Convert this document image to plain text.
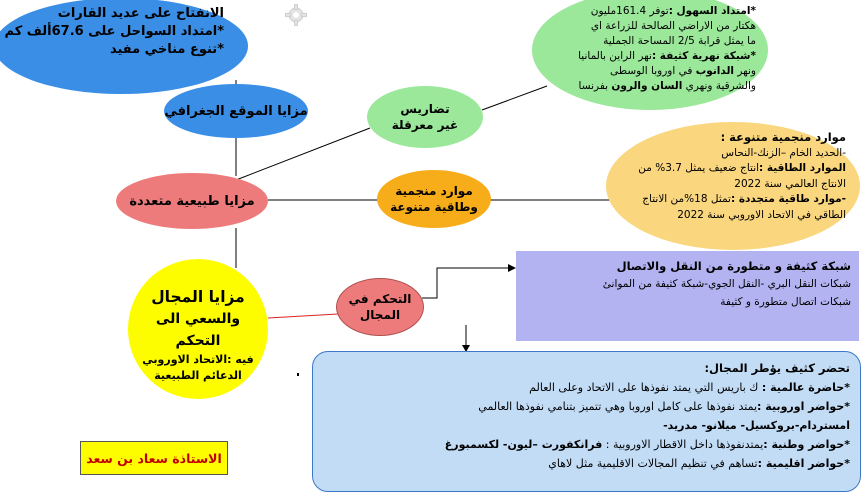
الانفتاح على عديد القارات
*امتداد السواحل على 67.6ألف كم
*تنوع مناخي مفيد
مزايا الموقع الجغرافي	تضاريس
غير معرقلة
*امتداد السهول :توفر 161.4مليون
هكتار من الاراضي الصالحة للزراعة اي
ما يمثل قرابة 2/5 المساحة الجملية
*شبكة نهرية كثيفة :نهر الراين بالمانيا
ونهر الدانوب في اوروبا الوسطى
والشرقية ونهري السان والرون بفرنسا
مزايا طبيعية متعددة
موارد منجمية
وطاقية متنوعة
موارد منجمية متنوعة :
-الحديد الخام –الزنك-النحاس
الموارد الطاقية :انتاج ضعيف يمثل 3.7% من
الانتاج العالمي سنة 2022
-موارد طاقية متجددة :تمثل 18%من الانتاج
الطاقي في الاتحاد الاوروبي سنة 2022
مزايا المجال
والسعي الى التحكم
فيه :الاتحاد الاوروبي
الدعائم الطبيعية
التحكم في
المجال
شبكة كثيفة و متطورة من النقل والاتصال
شبكات النقل البري -النقل الجوي-شبكة كثيفة من الموانئ
شبكات اتصال متطورة و كثيفة
تحضر كثيف يؤطر المجال:
*حاضرة عالمية : ك باريس التي يمتد نفوذها على الاتحاد وعلى العالم
*حواضر اوروبية :يمتد نفوذها على كامل اوروبا وهي تتميز بتنامي نفوذها العالمي
امستردام-بروكسيل- ميلانو- مدريد-
*حواضر وطنية :يمتدنفوذها داخل الاقطار الاوروبية : فرانكفورت –ليون- لكسمبورغ
*حواضر اقليمية :تساهم في تنظيم المجالات الاقليمية مثل لاهاي
الاستاذة سعاد بن سعد
